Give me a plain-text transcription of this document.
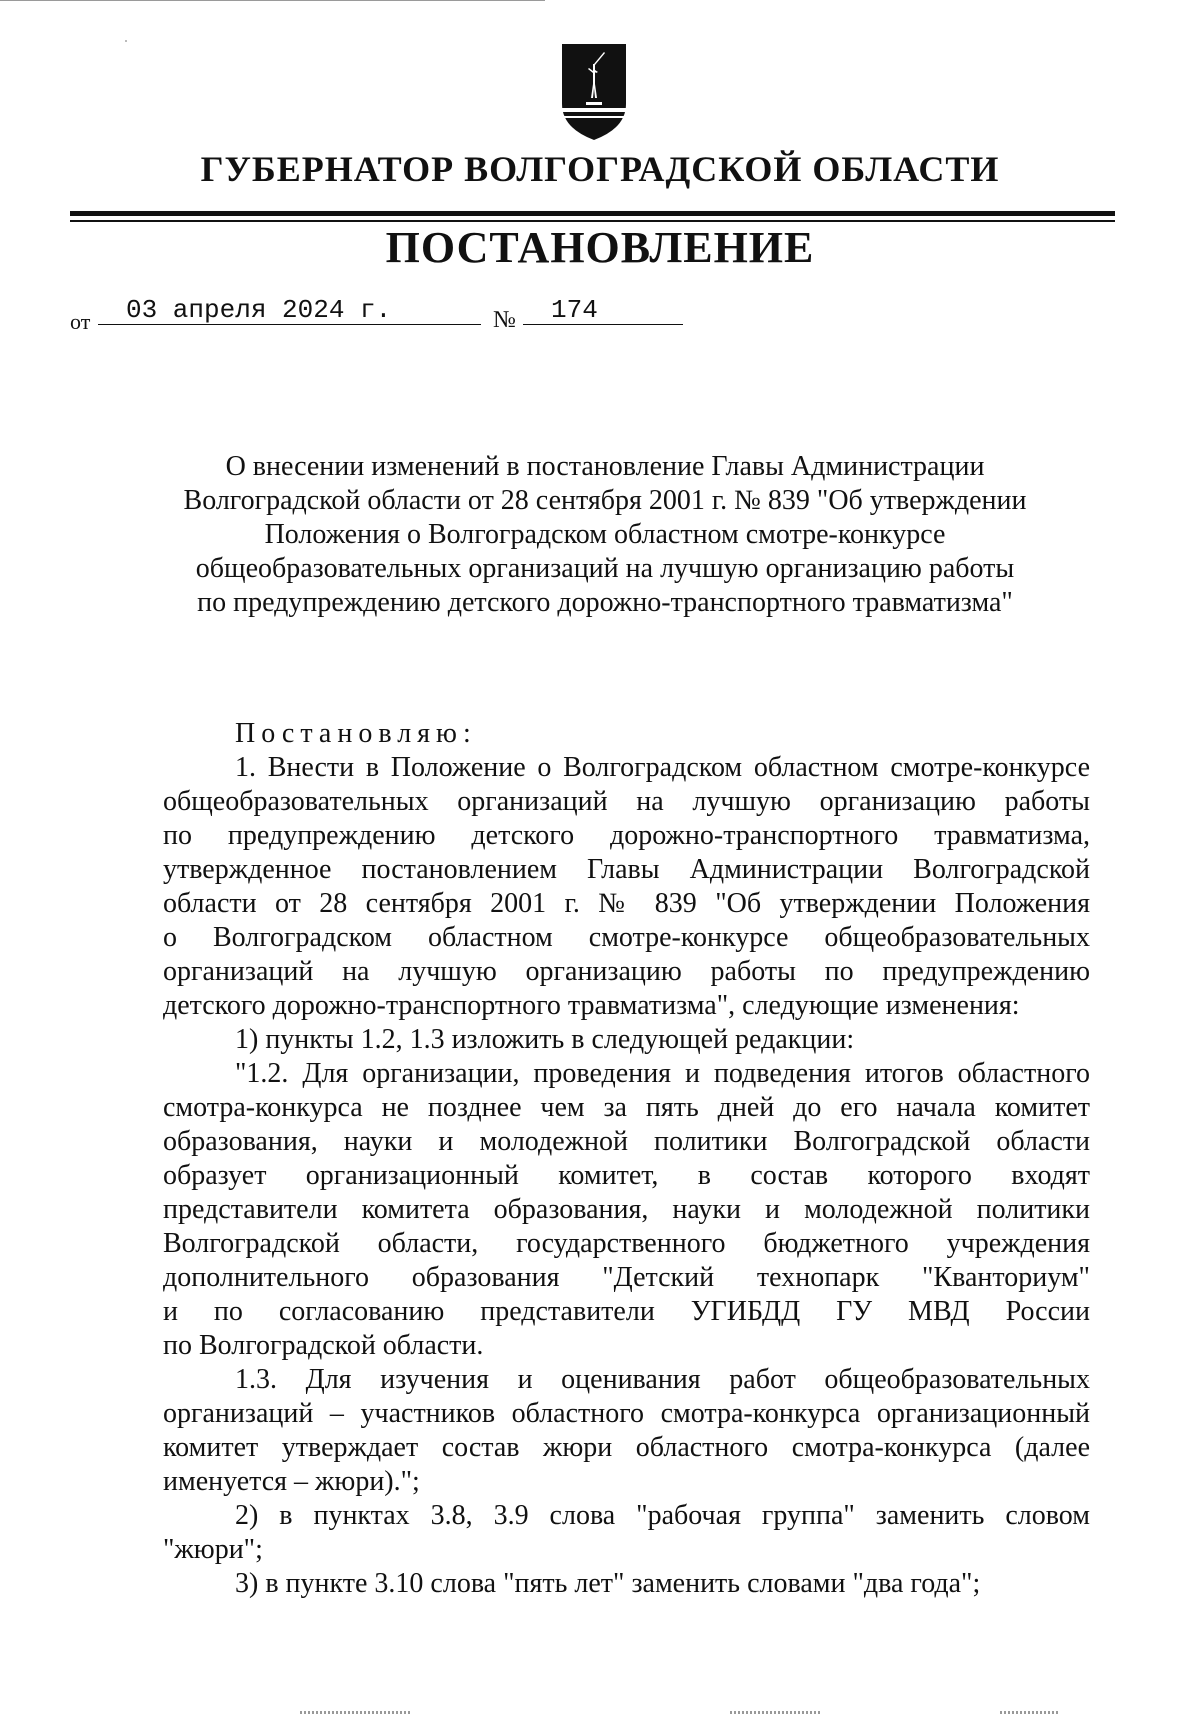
ГУБЕРНАТОР ВОЛГОГРАДСКОЙ ОБЛАСТИ
ПОСТАНОВЛЕНИЕ
от	03 апреля 2024 г.	№	174
О внесении изменений в постановление Главы Администрации
Волгоградской области от 28 сентября 2001 г. № 839 "Об утверждении
Положения о Волгоградском областном смотре-конкурсе
общеобразовательных организаций на лучшую организацию работы
по предупреждению детского дорожно-транспортного травматизма"
Постановляю:
1. Внести в Положение о Волгоградском областном смотре-конкурсе
общеобразовательных организаций на лучшую организацию работы
по предупреждению детского дорожно-транспортного травматизма,
утвержденное постановлением Главы Администрации Волгоградской
области от 28 сентября 2001 г. № 839 "Об утверждении Положения
о Волгоградском областном смотре-конкурсе общеобразовательных
организаций на лучшую организацию работы по предупреждению
детского дорожно-транспортного травматизма", следующие изменения:
1) пункты 1.2, 1.3 изложить в следующей редакции:
"1.2. Для организации, проведения и подведения итогов областного
смотра-конкурса не позднее чем за пять дней до его начала комитет
образования, науки и молодежной политики Волгоградской области
образует организационный комитет, в состав которого входят
представители комитета образования, науки и молодежной политики
Волгоградской области, государственного бюджетного учреждения
дополнительного образования "Детский технопарк "Кванториум"
и по согласованию представители УГИБДД ГУ МВД России
по Волгоградской области.
1.3. Для изучения и оценивания работ общеобразовательных
организаций – участников областного смотра-конкурса организационный
комитет утверждает состав жюри областного смотра-конкурса (далее
именуется – жюри).";
2) в пунктах 3.8, 3.9 слова "рабочая группа" заменить словом
"жюри";
3) в пункте 3.10 слова "пять лет" заменить словами "два года";
